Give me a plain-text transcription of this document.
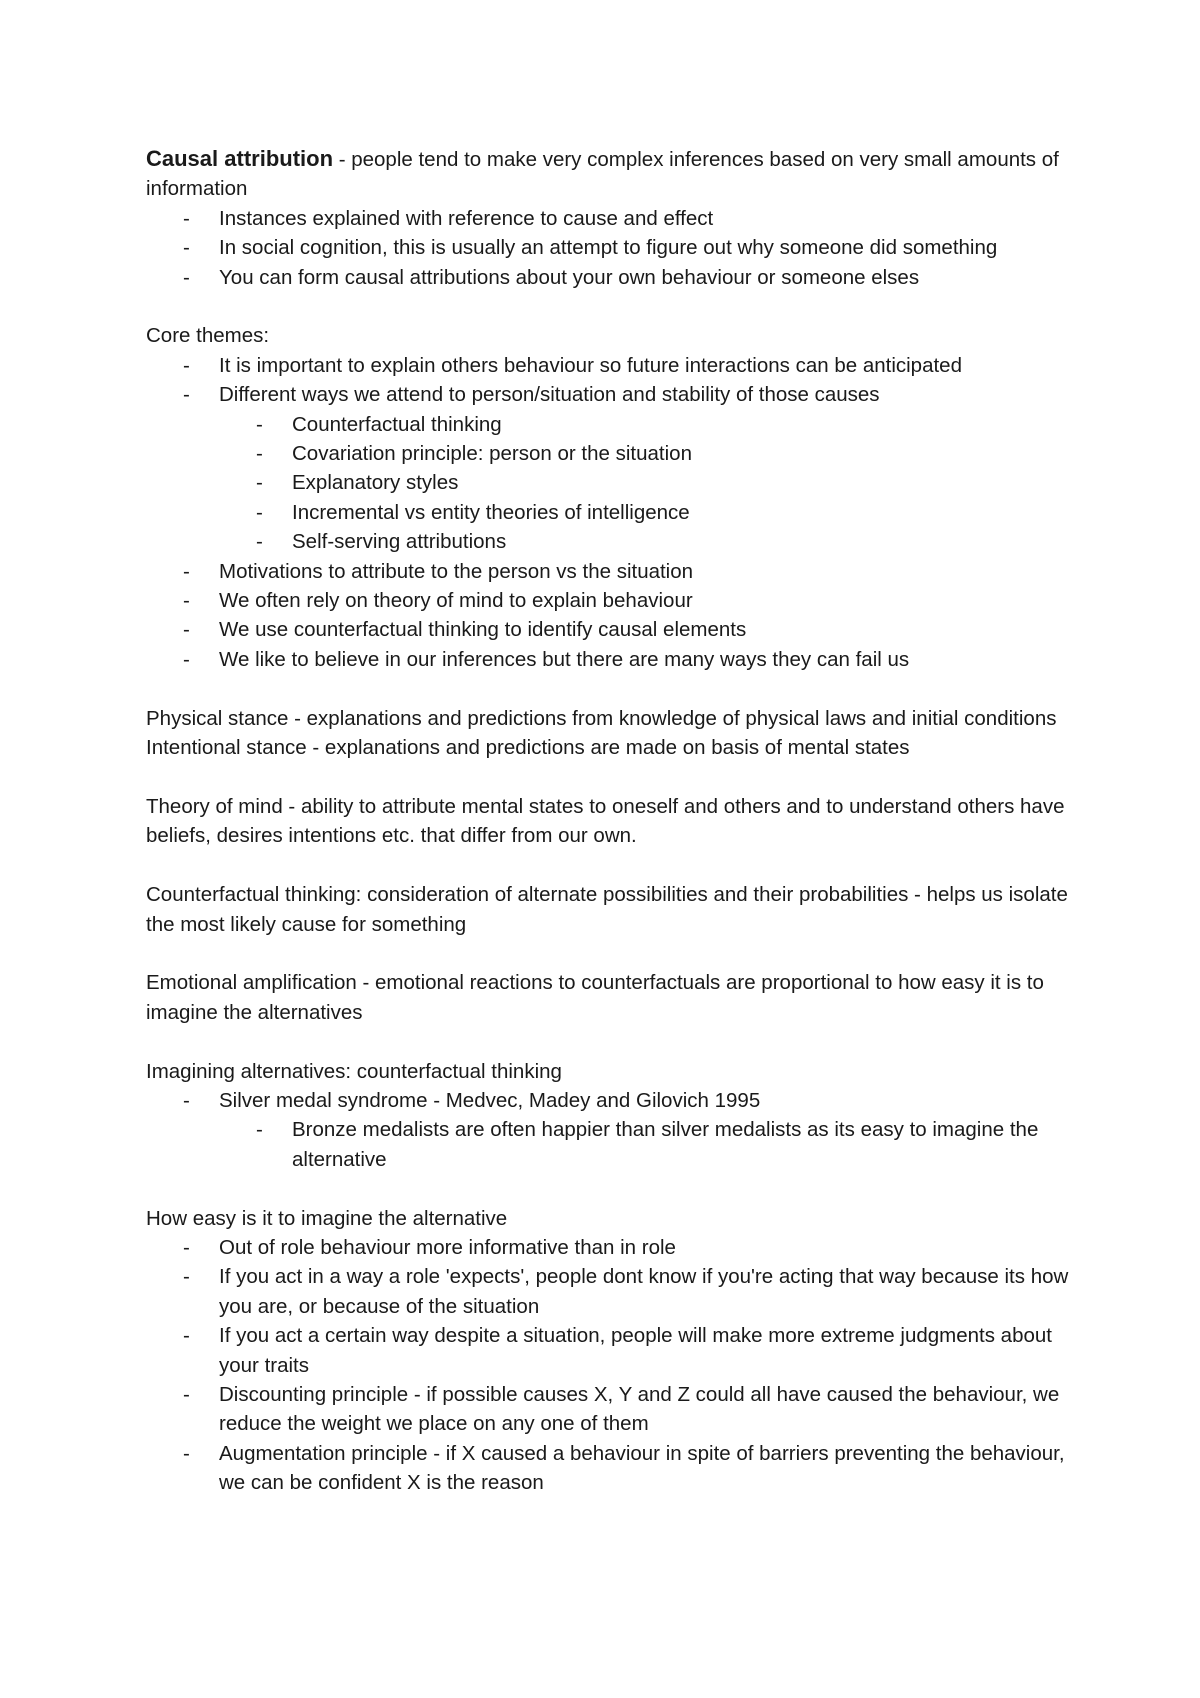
Causal attribution - people tend to make very complex inferences based on very small amounts of information

- Instances explained with reference to cause and effect
- In social cognition, this is usually an attempt to figure out why someone did something
- You can form causal attributions about your own behaviour or someone elses

Core themes:

- It is important to explain others behaviour so future interactions can be anticipated
- Different ways we attend to person/situation and stability of those causes
- Counterfactual thinking
- Covariation principle: person or the situation
- Explanatory styles
- Incremental vs entity theories of intelligence
- Self-serving attributions
- Motivations to attribute to the person vs the situation
- We often rely on theory of mind to explain behaviour
- We use counterfactual thinking to identify causal elements
- We like to believe in our inferences but there are many ways they can fail us

Physical stance - explanations and predictions from knowledge of physical laws and initial conditions

Intentional stance - explanations and predictions are made on basis of mental states

Theory of mind - ability to attribute mental states to oneself and others and to understand others have beliefs, desires intentions etc. that differ from our own.

Counterfactual thinking: consideration of alternate possibilities and their probabilities - helps us isolate the most likely cause for something

Emotional amplification - emotional reactions to counterfactuals are proportional to how easy it is to imagine the alternatives

Imagining alternatives: counterfactual thinking

- Silver medal syndrome - Medvec, Madey and Gilovich 1995
- Bronze medalists are often happier than silver medalists as its easy to imagine the alternative

How easy is it to imagine the alternative

- Out of role behaviour more informative than in role
- If you act in a way a role 'expects', people dont know if you're acting that way because its how you are, or because of the situation
- If you act a certain way despite a situation, people will make more extreme judgments about your traits
- Discounting principle - if possible causes X, Y and Z could all have caused the behaviour, we reduce the weight we place on any one of them
- Augmentation principle - if X caused a behaviour in spite of barriers preventing the behaviour, we can be confident X is the reason
